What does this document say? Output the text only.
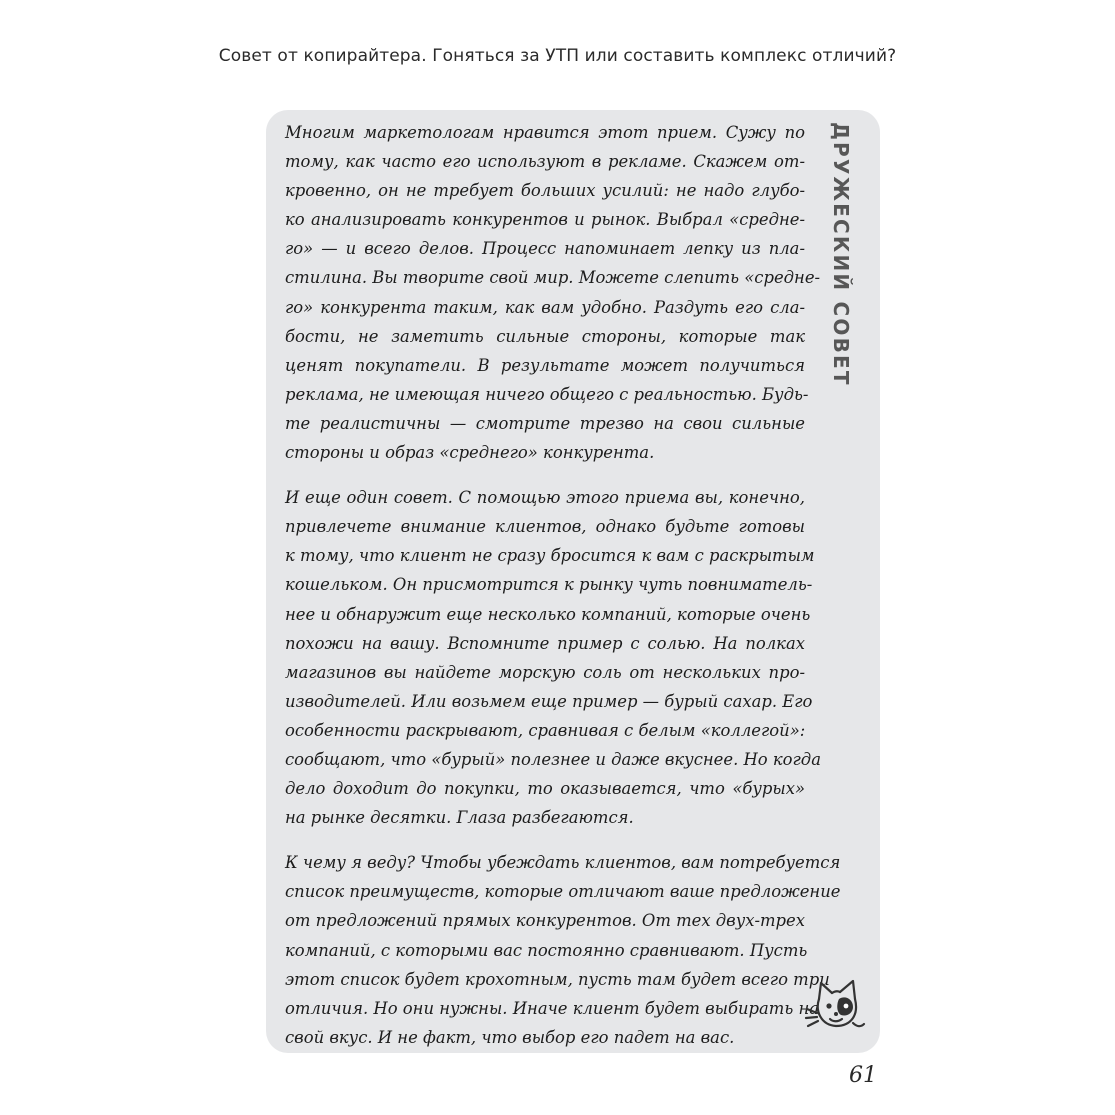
Совет от копирайтера. Гоняться за УТП или составить комплекс отличий?
Многим маркетологам нравится этот прием. Сужу по
тому, как часто его используют в рекламе. Скажем от-
кровенно, он не требует больших усилий: не надо глубо-
ко анализировать конкурентов и рынок. Выбрал «средне-
го» — и всего делов. Процесс напоминает лепку из пла-
стилина. Вы творите свой мир. Можете слепить «средне-
го» конкурента таким, как вам удобно. Раздуть его сла-
бости, не заметить сильные стороны, которые так
ценят покупатели. В результате может получиться
реклама, не имеющая ничего общего с реальностью. Будь-
те реалистичны — смотрите трезво на свои сильные
стороны и образ «среднего» конкурента.
И еще один совет. С помощью этого приема вы, конечно,
привлечете внимание клиентов, однако будьте готовы
к тому, что клиент не сразу бросится к вам с раскрытым
кошельком. Он присмотрится к рынку чуть повниматель-
нее и обнаружит еще несколько компаний, которые очень
похожи на вашу. Вспомните пример с солью. На полках
магазинов вы найдете морскую соль от нескольких про-
изводителей. Или возьмем еще пример — бурый сахар. Его
особенности раскрывают, сравнивая с белым «коллегой»:
сообщают, что «бурый» полезнее и даже вкуснее. Но когда
дело доходит до покупки, то оказывается, что «бурых»
на рынке десятки. Глаза разбегаются.
К чему я веду? Чтобы убеждать клиентов, вам потребуется
список преимуществ, которые отличают ваше предложение
от предложений прямых конкурентов. От тех двух-трех
компаний, с которыми вас постоянно сравнивают. Пусть
этот список будет крохотным, пусть там будет всего три
отличия. Но они нужны. Иначе клиент будет выбирать на
свой вкус. И не факт, что выбор его падет на вас.
ДРУЖЕСКИЙ СОВЕТ
61
